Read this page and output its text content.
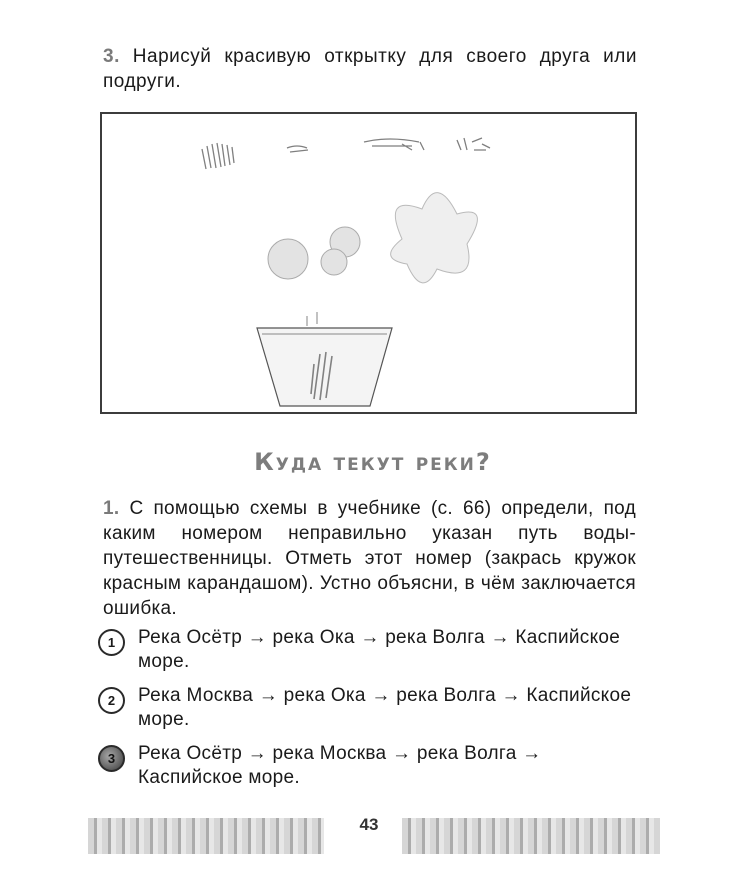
3. Нарисуй красивую открытку для своего друга или подруги.
Куда текут реки?
1. С помощью схемы в учебнике (с. 66) определи, под каким номером неправильно указан путь воды-путешественницы. Отметь этот номер (закрась кружок красным карандашом). Устно объясни, в чём заключается ошибка.
1	Река Осётр → река Ока → река Волга → Каспийское море.
2	Река Москва → река Ока → река Волга → Каспийское море.
3	Река Осётр → река Москва → река Волга → Каспийское море.
43
